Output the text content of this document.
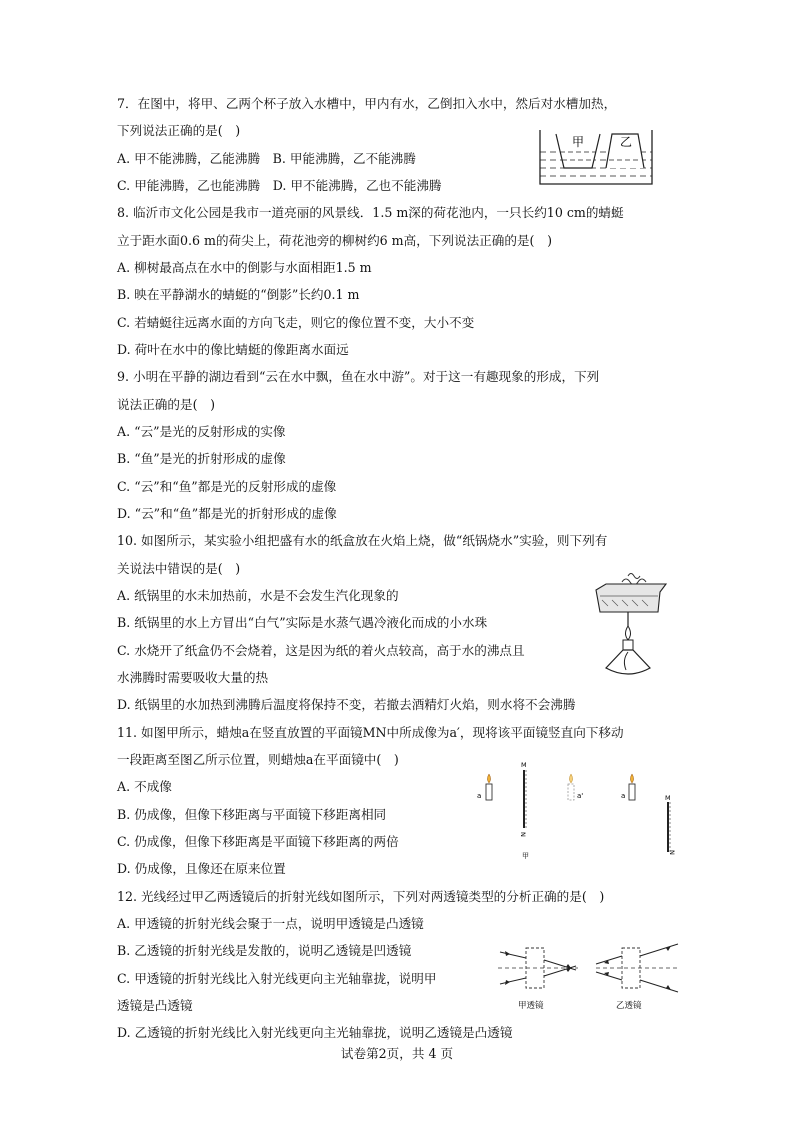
7．在图中，将甲、乙两个杯子放入水槽中，甲内有水，乙倒扣入水中，然后对水槽加热，
下列说法正确的是(　)
A. 甲不能沸腾，乙能沸腾　B. 甲能沸腾，乙不能沸腾
C. 甲能沸腾，乙也能沸腾　D. 甲不能沸腾，乙也不能沸腾
甲	乙
8. 临沂市文化公园是我市一道亮丽的风景线．1.5 m深的荷花池内，一只长约10 cm的蜻蜓
立于距水面0.6 m的荷尖上，荷花池旁的柳树约6 m高，下列说法正确的是(　)
A. 柳树最高点在水中的倒影与水面相距1.5 m
B. 映在平静湖水的蜻蜓的“倒影”长约0.1 m
C. 若蜻蜓往远离水面的方向飞走，则它的像位置不变，大小不变
D. 荷叶在水中的像比蜻蜓的像距离水面远
9. 小明在平静的湖边看到“云在水中飘，鱼在水中游”。对于这一有趣现象的形成，下列
说法正确的是(　)
A. “云”是光的反射形成的实像
B. “鱼”是光的折射形成的虚像
C. “云”和“鱼”都是光的反射形成的虚像
D. “云”和“鱼”都是光的折射形成的虚像
10. 如图所示，某实验小组把盛有水的纸盒放在火焰上烧，做“纸锅烧水”实验，则下列有
关说法中错误的是(　)
A. 纸锅里的水未加热前，水是不会发生汽化现象的
B. 纸锅里的水上方冒出“白气”实际是水蒸气遇冷液化而成的小水珠
C. 水烧开了纸盒仍不会烧着，这是因为纸的着火点较高，高于水的沸点且
水沸腾时需要吸收大量的热
D. 纸锅里的水加热到沸腾后温度将保持不变，若撤去酒精灯火焰，则水将不会沸腾
11. 如图甲所示，蜡烛a在竖直放置的平面镜MN中所成像为a′，现将该平面镜竖直向下移动
一段距离至图乙所示位置，则蜡烛a在平面镜中(　)
A. 不成像
B. 仍成像，但像下移距离与平面镜下移距离相同
C. 仍成像，但像下移距离是平面镜下移距离的两倍
D. 仍成像，且像还在原来位置
a
M
N
a'	a	M
N
甲
12. 光线经过甲乙两透镜后的折射光线如图所示，下列对两透镜类型的分析正确的是(　)
A. 甲透镜的折射光线会聚于一点，说明甲透镜是凸透镜
B. 乙透镜的折射光线是发散的，说明乙透镜是凹透镜
C. 甲透镜的折射光线比入射光线更向主光轴靠拢，说明甲
透镜是凸透镜
D. 乙透镜的折射光线比入射光线更向主光轴靠拢，说明乙透镜是凸透镜
甲透镜	乙透镜
试卷第2页，共 4 页
